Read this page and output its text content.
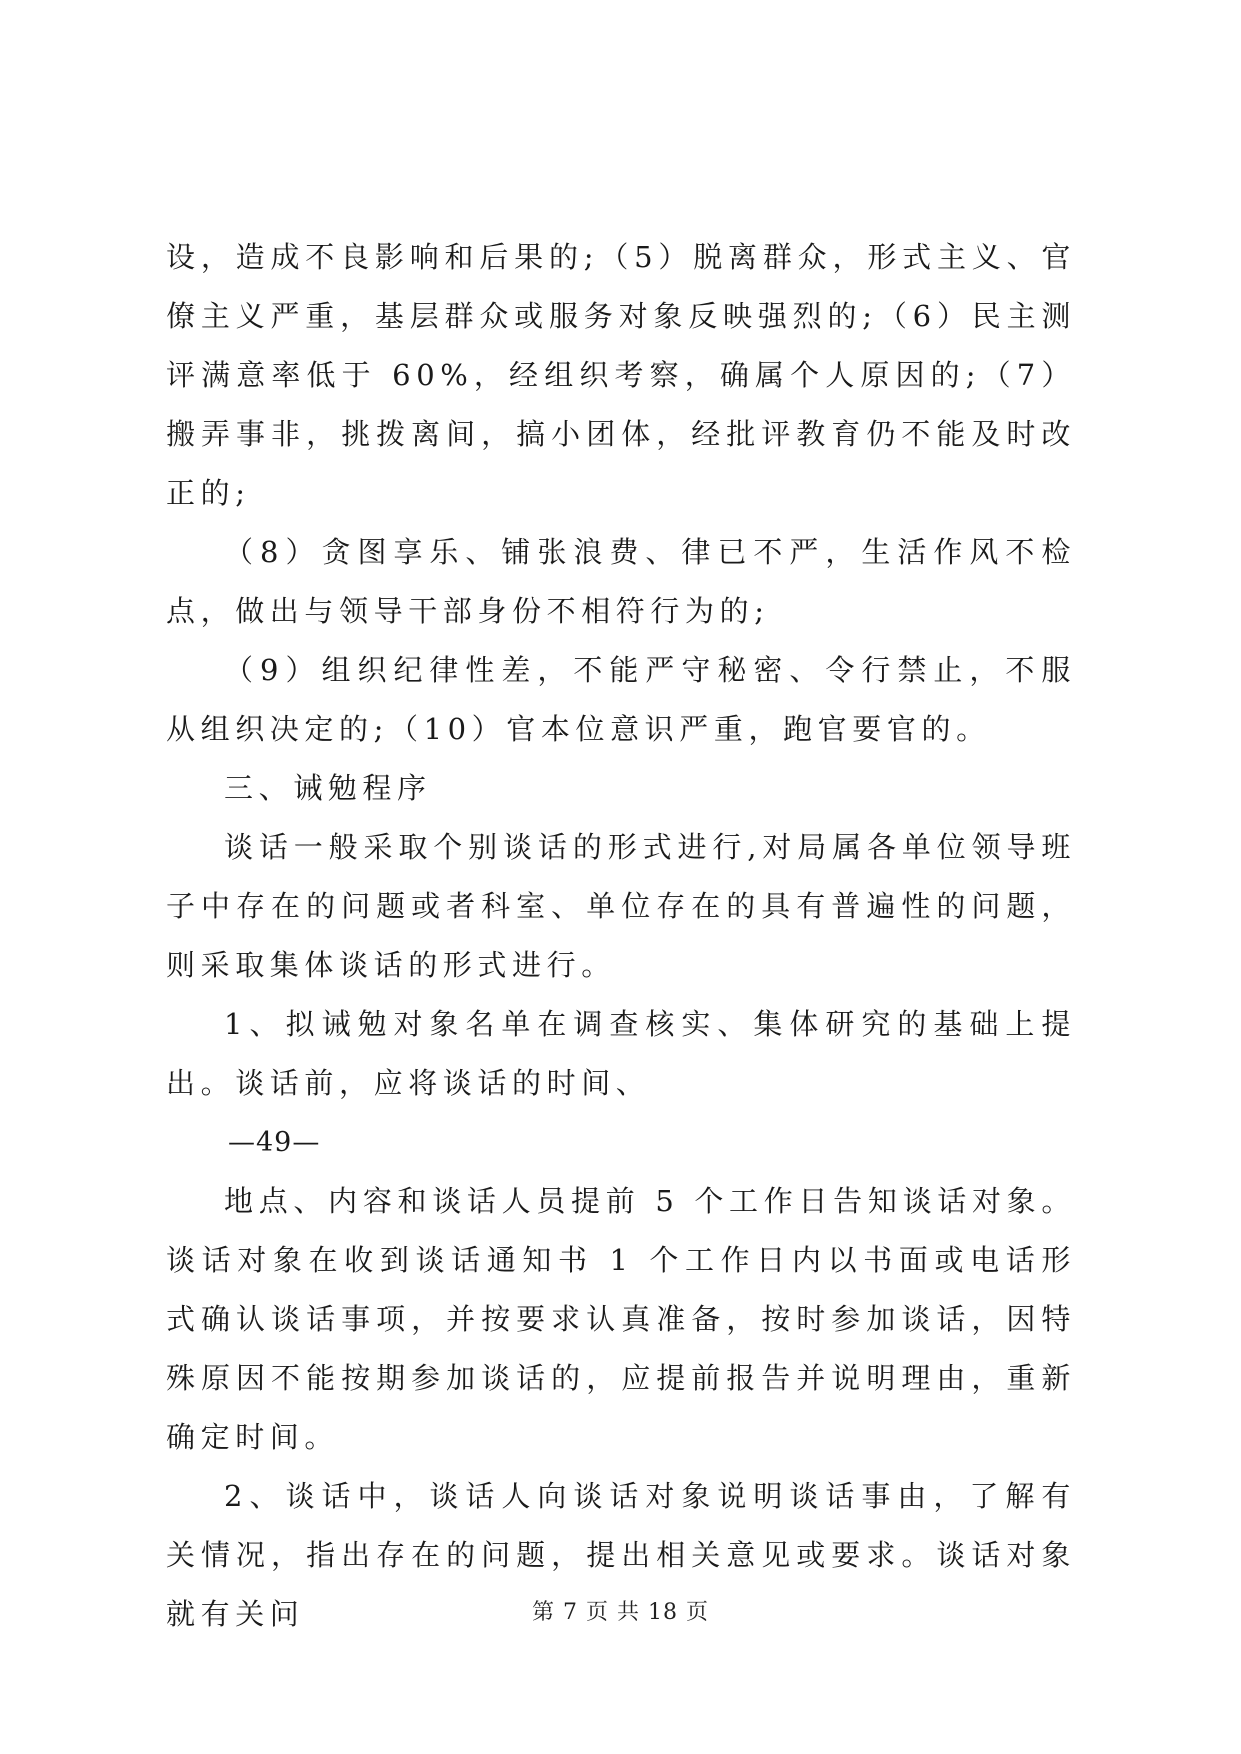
设，造成不良影响和后果的;（5）脱离群众，形式主义、官僚主义严重，基层群众或服务对象反映强烈的;（6）民主测评满意率低于 60%，经组织考察，确属个人原因的;（7）搬弄事非，挑拨离间，搞小团体，经批评教育仍不能及时改正的;

（8）贪图享乐、铺张浪费、律已不严，生活作风不检点，做出与领导干部身份不相符行为的;

（9）组织纪律性差，不能严守秘密、令行禁止，不服从组织决定的;（10）官本位意识严重，跑官要官的。

三、诫勉程序

谈话一般采取个别谈话的形式进行,对局属各单位领导班子中存在的问题或者科室、单位存在的具有普遍性的问题，则采取集体谈话的形式进行。

1、拟诫勉对象名单在调查核实、集体研究的基础上提出。谈话前，应将谈话的时间、

—49—

地点、内容和谈话人员提前 5 个工作日告知谈话对象。谈话对象在收到谈话通知书 1 个工作日内以书面或电话形式确认谈话事项，并按要求认真准备，按时参加谈话，因特殊原因不能按期参加谈话的，应提前报告并说明理由，重新确定时间。

2、谈话中，谈话人向谈话对象说明谈话事由，了解有关情况，指出存在的问题，提出相关意见或要求。谈话对象就有关问	第 7 页 共 18 页
